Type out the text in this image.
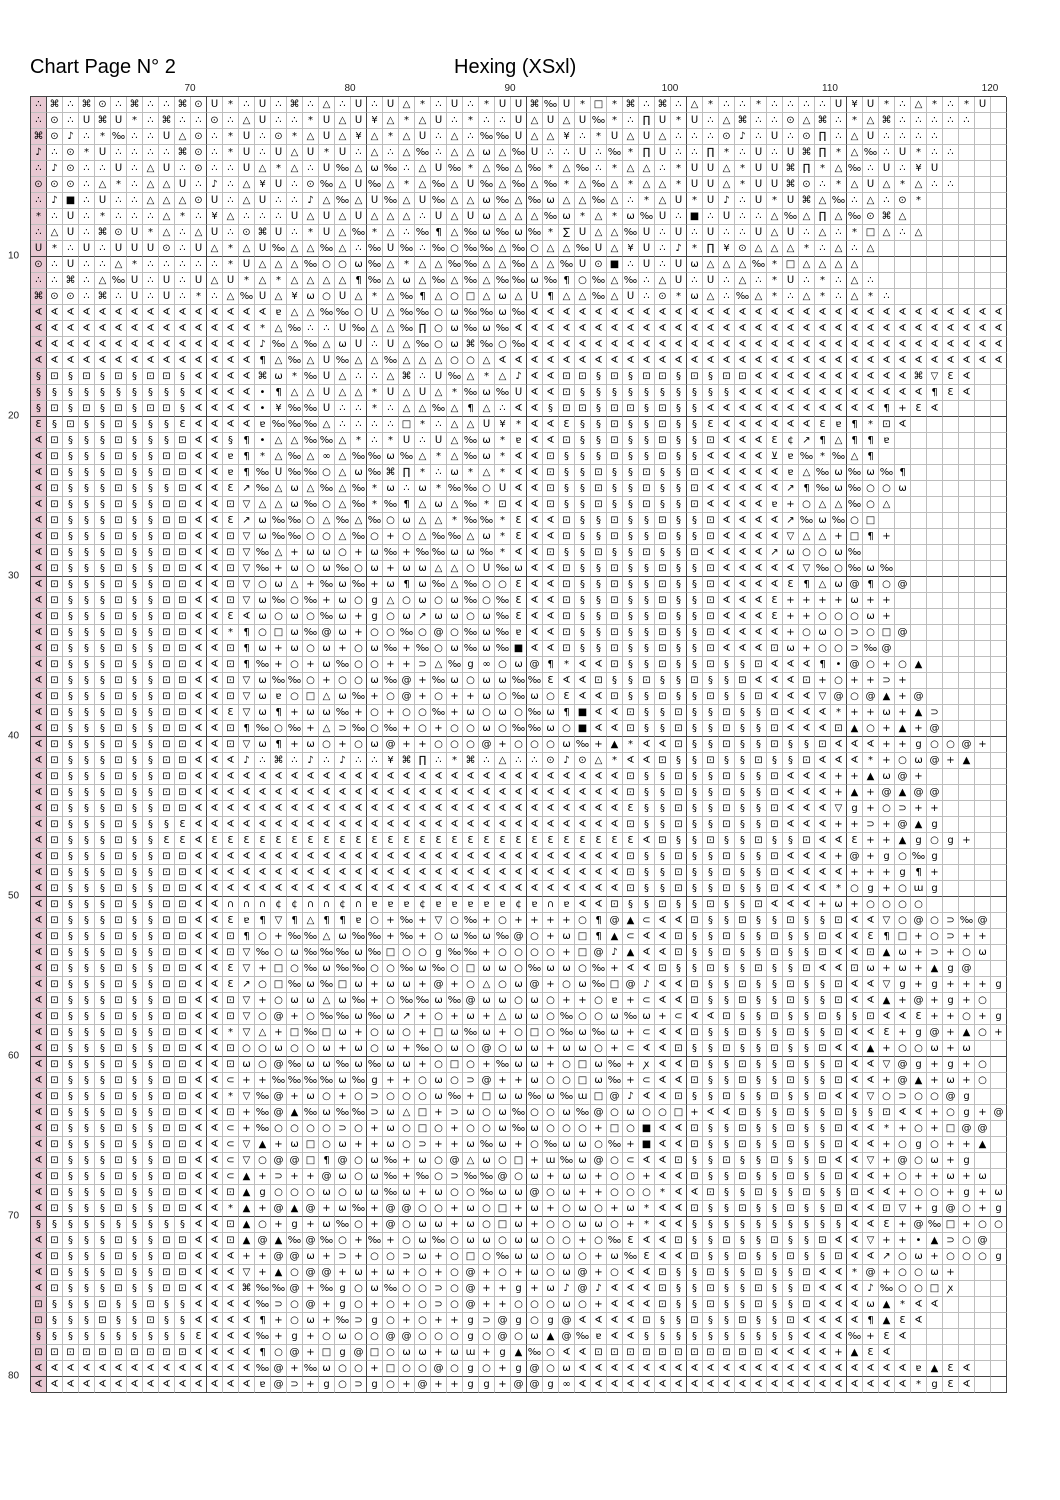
Chart Page N° 2	Hexing (XSxl)
70	80	90	100	110	120
10
20
30
40
50
60
70
80
∴ ⌘ ∴ ⌘ ⊙ ∴ ⌘ ∴ ∴ ⌘ ⊙ ᑌ *	∴ ᑌ ∴ ⌘ ∴ △ ∴ ᑌ ∴ ᑌ △ *	∴ ᑌ ∴	* ᑌ ᑌ ⌘ ‰ ᑌ * □ * ⌘ ∴ ⌘ ∴ △ *	∴ ∴	*	∴ ∴ ∴ ∴ ᑌ ¥ ᑌ *	∴ △ *	∴	* ᑌ
∴ ⊙ ∴ ᑌ ⌘ ᑌ *	∴ ⌘ ∴ ∴ ⊙ ∴ △ ᑌ ∴ ∴	* ᑌ △ ᑌ ¥ △ * △ ᑌ ∴	*	∴ ∴ ᑌ △ ᑌ △ ᑌ ‰ *	∴ ∏ ᑌ * ᑌ ∴ △ ⌘ ∴ ∴ ⊙ △ ⌘ ∴	* △ ⌘ ∴ ∴ ∴ ∴ ∴
⌘ ⊙ ♪ ∴	* ‰ ∴ ∴ ᑌ △ ⊙ ∴	* ᑌ ∴ ⊙ * △ ᑌ △ ¥ △ * △ ᑌ ∴ △ ∴ ‰ ‰ ᑌ △ △ ¥ ∴	* ᑌ △ ᑌ △ ∴ ∴ ∴ ⊙ ♪ ∴ ᑌ ∴ ⊙ ∏ ∴ △ ᑌ ∴ ∴ ∴ ∴
♪ ∴ ⊙ * ᑌ ∴ ∴ ∴ ∴ ⌘ ⊙ ∴	* ᑌ ∴ ᑌ △ ᑌ * ᑌ ∴ △ ∴ △ ‰ ∴ △ △ ω △ ‰ ᑌ ∴ ∴ ᑌ ∴ ‰ * ∏ ᑌ ∴ ∴ ∏ *	∴ ᑌ ∴ ᑌ ⌘ ∏ * △ ‰ ∴ ᑌ *	∴ ∴
∴ ♪ ⊙ ∴ ∴ ᑌ ∴ △ ᑌ ∴ ⊙ ∴ ∴ ᑌ △ * △ ∴ ᑌ ‰ △ ω ‰ ∴ △ ᑌ ‰ * △ ‰ △ ‰ * △ ‰ ∴	* △ △ ∴	* ᑌ ᑌ △ * ᑌ ᑌ ⌘ ∏ * △ ‰ ∴ ᑌ ∴ ¥ ᑌ
⊙ ⊙ ⊙ ∴ △ *	∴ △ △ ᑌ ∴ ♪ ∴ △ ¥ ᑌ ∴ ⊙ ‰ △ ᑌ ‰ △ * △ ‰ △ ᑌ ‰ △ ‰ △ ‰ * △ ‰ △ * △ △ * ᑌ ᑌ △ * ᑌ ᑌ ⌘ ⊙ ∴	* △ ᑌ △ * △ ∴ ∴
∴ ♪ ■ ∴ ᑌ ∴ ∴ △ △ △ ⊙ ᑌ ∴ △ ᑌ ∴ ∴ ♪ △ ‰ △ ᑌ ‰ △ ᑌ ‰ △ △ ω ‰ △ ‰ ω △ △ ‰ △ ∴	* △ ᑌ * ᑌ ♪ ∴ ᑌ * ᑌ ⌘ △ ‰ ∴ △ ∴ ⊙ *
*	∴ ᑌ ∴	*	∴ ∴ ∴ △ *	∴ ¥ △ ∴ ∴ ∴ ᑌ △ ᑌ △ ᑌ △ △ △ ∴ ᑌ △ ᑌ ω △ △ △ ‰ ω * △ * ω ‰ ᑌ ∴ ■ ∴ ᑌ ∴ ∴ △ ‰ △ ∏ △ ‰ ⊙ ⌘ △
∴ △ ᑌ ∴ ⌘ ⊙ ᑌ * △ ∴ △ ᑌ ∴ ⊙ ⌘ ᑌ ∴	* ᑌ △ ‰ * △ ∴ ‰ ¶ △ ‰ ω ‰ ω ‰ *	∑ ᑌ △ △ ‰ ᑌ ∴ ᑌ ∴ ᑌ ∴ ∴ ᑌ △ ᑌ ∴ △ ∴	* □ △ ∴ △
ᑌ *	∴ ᑌ ∴ ᑌ ᑌ ᑌ ⊙ ∴ ᑌ △ * △ ᑌ ‰ △ △ ‰ △ ∴ ‰ ᑌ ‰ ∴ ‰ ○ ‰ ‰ △ ‰ ○ △ △ ‰ ᑌ △ ¥ ᑌ ∴ ♪	* ∏ ¥ ⊙ △ △ △ *	∴ △ ∴ △
⊙ ∴ ᑌ ∴ ∴ △ *	∴ ∴ ∴ ∴ ∴	* ᑌ △ △ △ ‰ ○ ○ ω ‰ △ * △ △ ‰ ‰ △ △ ‰ △ △ ‰ ᑌ ⊙ ■ ∴ ᑌ ∴ ᑌ ω △ △ △ ‰ * □ △ △ △ △
∴ ∴ ⌘ ∴ △ ‰ ᑌ ∴ ᑌ ∴ ᑌ △ ᑌ * △ * △ △ △ △ ¶ ‰ △ ω △ ‰ △ ‰ △ ‰ ‰ ω ‰ ¶ ○ ‰ △ ‰ ∴ △ ᑌ ∴ ᑌ ∴ △ ∴	* ᑌ ∴	*	∴ △ ∴
⌘ ⊙ ⊙ ∴ ⌘ ∴ ᑌ ∴ ᑌ ∴	*	∴ △ ‰ ᑌ △ ¥ ω ○ ᑌ △ * △ ‰ ¶ △ ○ □ △ ω △ ᑌ ¶ △ △ ‰ △ ᑌ ∴ ⊙ * ω △ ∴ ‰ △ *	∴ △ *	∴ △ *	∴
∢ ∢ ∢ ∢ ∢ ∢ ∢ ∢ ∢ ∢ ∢ ∢ ∢ ∢ ∢ ɐ △ △ ‰ ‰ ○ ᑌ △ ‰ ‰ ○ ω ‰ ‰ ω ‰ ∢ ∢ ∢ ∢ ∢ ∢ ∢ ∢ ∢ ∢ ∢ ∢ ∢ ∢ ∢ ∢ ∢ ∢ ∢ ∢ ∢ ∢ ∢ ∢ ∢ ∢ ∢ ∢ ∢ ∢
∢ ∢ ∢ ∢ ∢ ∢ ∢ ∢ ∢ ∢ ∢ ∢ ∢ ∢ * △ ‰ ∴ ∴ ᑌ ‰ △ △ ‰ ∏ ○ ω ‰ ω ‰ ∢ ∢ ∢ ∢ ∢ ∢ ∢ ∢ ∢ ∢ ∢ ∢ ∢ ∢ ∢ ∢ ∢ ∢ ∢ ∢ ∢ ∢ ∢ ∢ ∢ ∢ ∢ ∢ ∢ ∢ ∢
∢ ∢ ∢ ∢ ∢ ∢ ∢ ∢ ∢ ∢ ∢ ∢ ∢ ∢ ♪ ‰ △ ‰ △ ω ᑌ ∴ ᑌ △ ‰ ○ ω ⌘ ‰ ○ ‰ ∢ ∢ ∢ ∢ ∢ ∢ ∢ ∢ ∢ ∢ ∢ ∢ ∢ ∢ ∢ ∢ ∢ ∢ ∢ ∢ ∢ ∢ ∢ ∢ ∢ ∢ ∢ ∢ ∢ ∢
∢ ∢ ∢ ∢ ∢ ∢ ∢ ∢ ∢ ∢ ∢ ∢ ∢ ∢ ¶ △ ‰ △ ᑌ ‰ △ △ ‰ △ △ △ ○ ○ △ ∢ ∢ ∢ ∢ ∢ ∢ ∢ ∢ ∢ ∢ ∢ ∢ ∢ ∢ ∢ ∢ ∢ ∢ ∢ ∢ ∢ ∢ ∢ ∢ ∢ ∢ ∢ ∢ ∢ ∢ ∢ ∢
§ ⊡ § ⊡ § ⊡ § ⊡ ⊡ § ∢ ∢ ∢ ∢ ⌘ ω * ‰ ᑌ △ ∴ ∴ △ ⌘ ∴ ᑌ ‰ △ * △ ♪ ∢ ∢ ⊡ ⊡ § ⊡ § ⊡ ⊡ § ⊡ § ⊡ ⊡ ∢ ∢ ∢ ∢ ∢ ∢ ∢ ∢ ∢ ∢ ⌘ ▽ Ɛ ∢
§	§	§	§	§	§	§	§	§	§ ∢ ∢ ∢ ∢ • ¶ △ △ ᑌ △ △ * ᑌ △ ᑌ △ * ‰ ω ‰ ᑌ ∢ ∢ ⊡ §	§	§	§	§	§	§	§	§	§ ∢ ∢ ∢ ∢ ∢ ∢ ∢ ∢ ∢ ∢ ∢ ∢ ¶ Ɛ ∢
§ ⊡ § ⊡ § ⊡ § ⊡ ⊡ § ∢ ∢ ∢ ∢ • ¥ ‰ ‰ ᑌ ∴ ∴	*	∴ △ △ ‰ △ ¶ △ ∴ ∢ ∢ § ⊡ ⊡ § ⊡ ⊡ § ⊡ §	§ ∢ ∢ ∢ ∢ ∢ ∢ ∢ ∢ ∢ ∢ ∢ ¶ + Ɛ ∢
Ɛ	§ ⊡ §	§ ⊡ §	§	§	Ɛ ∢ ∢ ∢ ∢ ɐ ‰ ‰ ‰ △ ∴ ∴ ∴ ∴ □ *	∴ △ △ ᑌ ¥	* ∢ ∢ Ɛ	§	§ ⊡ §	§ ⊡ §	§	Ɛ ∢ ∢ ∢ ∢ ∢ ∢ Ɛ ɐ ¶	* ⊡ ∢
∢ ⊡ §	§	§ ⊡ §	§	§ ⊡ ∢ ∢ §	¶ • △ △ ‰ ‰ △ *	∴	* ᑌ ∴ ᑌ △ ‰ ω *	ɐ ∢ ∢ ⊡ §	§ ⊡ §	§ ⊡ §	§ ⊡ ∢ ∢ ∢ Ɛ ¢ ↗ ¶ △ ¶ ¶ ɐ
∢ ⊡ §	§	§ ⊡ §	§ ⊡ ⊡ ∢ ∢ ɐ ¶	* △ ‰ △ ∞ △ ‰ ‰ ω ‰ △ * △ ‰ ω * ∢ ∢ ⊡ §	§	§ ⊡ §	§ ⊡ §	§ ∢ ∢ ∢ ∢ ⊻ ɐ ‰ * ‰ △ ¶
∢ ⊡ §	§	§ ⊡ §	§ ⊡ ⊡ ∢ ∢ ɐ ¶ ‰ ᑌ ‰ ‰ ○ △ ω ‰ ⌘ ∏ *	∴ ω * △ * ∢ ∢ ⊡ §	§ ⊡ §	§ ⊡ §	§ ⊡ ∢ ∢ ∢ ∢ ∢ ɐ △ ‰ ω ‰ ω ‰ ¶
∢ ⊡ §	§	§ ⊡ §	§	§ ⊡ ∢ ∢ Ɛ ↗ ‰ △ ω △ ‰ △ ‰ * ω ∴ ω * ‰ ‰ ○ ᑌ ∢ ∢ ⊡ §	§ ⊡ §	§ ⊡ §	§ ⊡ ∢ ∢ ∢ ∢ ∢ ↗ ¶ ‰ ω ‰ ○ ○ ω
∢ ⊡ §	§	§ ⊡ §	§ ⊡ ⊡ ∢ ∢ ⊡ ▽ △ △ ω ‰ ○ △ ‰ * ‰ ¶ △ ω △ ‰ * ⊡ ∢ ∢ ⊡ §	§ ⊡ §	§ ⊡ §	§ ⊡ ∢ ∢ ∢ ∢ ɐ + ○ △ △ ‰ ○ △
∢ ⊡ §	§	§ ⊡ §	§ ⊡ ⊡ ∢ ∢ Ɛ ↗ ω ‰ ‰ ○ △ ‰ △ ‰ ○ ω △ △ * ‰ ‰ *	Ɛ ∢ ∢ ⊡ §	§ ⊡ §	§ ⊡ §	§ ⊡ ∢ ∢ ∢ ∢ ↗ ‰ ω ‰ ○ □
∢ ⊡ §	§	§ ⊡ §	§ ⊡ ⊡ ∢ ∢ ⊡ ▽ ω ‰ ‰ ○ ○ △ ‰ ○ + ○ △ ‰ ‰ △ ω *	Ɛ ∢ ∢ ⊡ §	§ ⊡ §	§ ⊡ §	§ ⊡ ∢ ∢ ∢ ∢ ▽ △ △ + □ ¶ +
∢ ⊡ §	§	§ ⊡ §	§ ⊡ ⊡ ∢ ∢ ⊡ ▽ ‰ △ + ω ω ○ + ω ‰ + ‰ ‰ ω ω ‰ * ∢ ∢ ⊡ §	§ ⊡ §	§ ⊡ §	§ ⊡ ∢ ∢ ∢ ∢ ↗ ω ○ ○ ω ‰
∢ ⊡ §	§	§ ⊡ §	§ ⊡ ⊡ ∢ ∢ ⊡ ▽ ‰ + ω ○ ω ‰ ○ ω + ω ω △ △ ○ ᑌ ‰ ω ∢ ∢ ⊡ §	§ ⊡ §	§ ⊡ §	§ ⊡ ∢ ∢ ∢ ∢ ∢ ▽ ‰ ○ ‰ ω ‰
∢ ⊡ §	§	§ ⊡ §	§ ⊡ ⊡ ∢ ∢ ⊡ ▽ ○ ω △ + ‰ ω ‰ + ω ¶ ω ‰ △ ‰ ○ ○ Ɛ ∢ ∢ ⊡ §	§ ⊡ §	§ ⊡ §	§ ⊡ ∢ ∢ ∢ ∢ Ɛ ¶ △ ω @ ¶ ○ @
∢ ⊡ §	§	§ ⊡ §	§ ⊡ ⊡ ∢ ∢ ⊡ ▽ ω ‰ ○ ‰ + ω ○ g △ ○ ω ○ ω ‰ ○ ‰ Ɛ ∢ ∢ ⊡ §	§ ⊡ §	§ ⊡ §	§ ⊡ ∢ ∢ ∢ Ɛ + + + + ω + +
∢ ⊡ §	§	§ ⊡ §	§ ⊡ ⊡ ∢ ∢ Ɛ ∢ ω ○ ω ○ ‰ ω + g ○ ω ↗ ω ω ○ ω ‰ Ɛ ∢ ∢ ⊡ §	§ ⊡ §	§ ⊡ §	§ ⊡ ∢ ∢ ∢ Ɛ + + ○ ○ ○ ω +
∢ ⊡ §	§	§ ⊡ §	§ ⊡ ⊡ ∢ ∢ *	¶ ○ □ ω ‰ @ ω + ○ ○ ‰ ○ @ ○ ‰ ω ‰ ɐ ∢ ∢ ⊡ §	§ ⊡ §	§ ⊡ §	§ ⊡ ∢ ∢ ∢ ∢ + ○ ω ○ ⊃ ○ □ @
∢ ⊡ §	§	§ ⊡ §	§ ⊡ ⊡ ∢ ∢ ⊡ ¶ ω + ω ○ ω + ○ ω ‰ + ‰ ○ ω ‰ ω ‰ ■ ∢ ∢ ⊡ §	§ ⊡ §	§ ⊡ §	§ ⊡ ∢ ∢ ∢ ⊡ ω + ○ ○ ⊃ ‰ @
∢ ⊡ §	§	§ ⊡ §	§ ⊡ ⊡ ∢ ∢ ⊡ ¶ ‰ + ○ + ω ‰ ○ ○ + + ⊃ △ ‰ g ∞ ○ ω @ ¶	* ∢ ∢ ⊡ §	§ ⊡ §	§ ⊡ §	§ ⊡ ∢ ∢ ∢ ¶ • @ ○ + ○ ▲
∢ ⊡ §	§	§ ⊡ §	§ ⊡ ⊡ ∢ ∢ ⊡ ▽ ω ‰ ‰ ○ + ○ ○ ω ‰ @ + ‰ ω ○ ω ω ‰ ‰ Ɛ ∢ ∢ ⊡ §	§ ⊡ §	§ ⊡ §	§ ⊡ ∢ ∢ ∢ ⊡ + ○ + + ⊃ +
∢ ⊡ §	§	§ ⊡ §	§ ⊡ ⊡ ∢ ∢ ⊡ ▽ ω ɐ ○ □ △ ω ‰ + ○ @ + ○ + + ω ○ ‰ ω ○ Ɛ ∢ ∢ ⊡ §	§ ⊡ §	§ ⊡ §	§ ⊡ ∢ ∢ ∢ ▽ @ ○ @ ▲ + @
∢ ⊡ §	§	§ ⊡ §	§ ⊡ ⊡ ∢ ∢ Ɛ ▽ ω ¶ + ω ω ‰ + ○ + ○ ○ ‰ + ω ○ ω ○ ‰ ω ¶ ■ ∢ ∢ ⊡ §	§ ⊡ §	§ ⊡ §	§ ⊡ ∢ ∢ ∢ * + + ω + ▲ ⊃
∢ ⊡ §	§	§ ⊡ §	§ ⊡ ⊡ ∢ ∢ ⊡ ¶ ‰ ○ ‰ + △ ⊃ ‰ ○ ‰ + ○ + ○ ○ ω ○ ‰ ‰ ω ○ ■ ∢ ∢ ⊡ §	§ ⊡ §	§ ⊡ §	§ ⊡ ∢ ∢ ∢ ⊡ ▲ ○ + ▲ + @
∢ ⊡ §	§	§ ⊡ §	§ ⊡ ⊡ ∢ ∢ ⊡ ▽ ω ¶ + ω ○ + ○ ω @ + + ○ ○ ○ @ + ○ ○ ○ ω ‰ + ▲ * ∢ ∢ ⊡ §	§ ⊡ §	§ ⊡ §	§ ⊡ ∢ ∢ ∢ + + g ○ ○ @ +
∢ ⊡ §	§	§ ⊡ §	§ ⊡ ⊡ ∢ ∢ ∢ ♪ ∴ ⌘ ∴ ♪ ∴ ♪ ∴ ∴ ¥ ⌘ ∏ ∴	* ⌘ ∴ △ ∴ ∴ ⊙ ♪ ⊙ △ * ∢ ∢ ⊡ §	§ ⊡ §	§ ⊡ §	§ ⊡ ∢ ∢ ∢ * + ○ ω @ + ▲
∢ ⊡ §	§	§ ⊡ §	§ ⊡ ⊡ ∢ ∢ ∢ ∢ ∢ ∢ ∢ ∢ ∢ ∢ ∢ ∢ ∢ ∢ ∢ ∢ ∢ ∢ ∢ ∢ ∢ ∢ ∢ ∢ ∢ ∢ ∢ ⊡ §	§ ⊡ §	§ ⊡ §	§ ⊡ ∢ ∢ ∢ + + ▲ ω @ +
∢ ⊡ §	§	§ ⊡ §	§ ⊡ ⊡ ∢ ∢ ∢ ∢ ∢ ∢ ∢ ∢ ∢ ∢ ∢ ∢ ∢ ∢ ∢ ∢ ∢ ∢ ∢ ∢ ∢ ∢ ∢ ∢ ∢ ∢ ∢ ⊡ §	§ ⊡ §	§ ⊡ §	§ ⊡ ∢ ∢ ∢ + ▲ + @ ▲ @ @
∢ ⊡ §	§	§ ⊡ §	§ ⊡ ⊡ ∢ ∢ ∢ ∢ ∢ ∢ ∢ ∢ ∢ ∢ ∢ ∢ ∢ ∢ ∢ ∢ ∢ ∢ ∢ ∢ ∢ ∢ ∢ ∢ ∢ ∢ ∢ Ɛ	§	§ ⊡ §	§ ⊡ §	§ ⊡ ∢ ∢ ∢ ▽ g + ○ ⊃ + +
∢ ⊡ §	§	§ ⊡ §	§	§	Ɛ ∢ ∢ ∢ ∢ ∢ ∢ ∢ ∢ ∢ ∢ ∢ ∢ ∢ ∢ ∢ ∢ ∢ ∢ ∢ ∢ ∢ ∢ ∢ ∢ ∢ ∢ ∢ ⊡ §	§ ⊡ §	§ ⊡ §	§ ⊡ ∢ ∢ ∢ + + ⊃ + @ ▲ g
∢ ⊡ §	§	§ ⊡ §	§	Ɛ Ɛ ∢ Ɛ Ɛ Ɛ Ɛ Ɛ Ɛ Ɛ Ɛ Ɛ Ɛ Ɛ Ɛ Ɛ Ɛ Ɛ Ɛ Ɛ Ɛ Ɛ Ɛ Ɛ Ɛ Ɛ Ɛ Ɛ Ɛ Ɛ ∢ ⊡ §	§ ⊡ §	§ ⊡ §	§ ⊡ ∢ ∢ Ɛ + + ▲ g ○ g +
∢ ⊡ §	§	§ ⊡ §	§ ⊡ ⊡ ∢ ∢ ∢ ∢ ∢ ∢ ∢ ∢ ∢ ∢ ∢ ∢ ∢ ∢ ∢ ∢ ∢ ∢ ∢ ∢ ∢ ∢ ∢ ∢ ∢ ∢ ∢ ⊡ §	§ ⊡ §	§ ⊡ §	§ ⊡ ∢ ∢ ∢ + @ + g ○ ‰ g
∢ ⊡ §	§	§ ⊡ §	§ ⊡ ⊡ ∢ ∢ ∢ ∢ ∢ ∢ ∢ ∢ ∢ ∢ ∢ ∢ ∢ ∢ ∢ ∢ ∢ ∢ ∢ ∢ ∢ ∢ ∢ ∢ ∢ ∢ ∢ ⊡ §	§ ⊡ §	§ ⊡ §	§ ⊡ ∢ ∢ ∢ ∢ + + + g ¶ +
∢ ⊡ §	§	§ ⊡ §	§ ⊡ ⊡ ∢ ∢ ∢ ∢ ∢ ∢ ∢ ∢ ∢ ∢ ∢ ∢ ∢ ∢ ∢ ∢ ∢ ∢ ∢ ∢ ∢ ∢ ∢ ∢ ∢ ∢ ∢ ⊡ §	§ ⊡ §	§ ⊡ §	§ ⊡ ∢ ∢ ∢ * ○ g + ○ ɯ g
∢ ⊡ §	§	§ ⊡ §	§ ⊡ ⊡ ∢ ∢ ∩ ∩ ∩ ¢ ¢ ∩ ∩ ¢ ∩ ɐ ɐ ɐ ¢ ɐ ɐ ɐ ɐ ɐ ¢ ɐ ∩ ɐ ∢ ∢ ⊡ §	§ ⊡ §	§ ⊡ §	§ ⊡ ∢ ∢ ∢ + ω + ○ ○ ○ ○
∢ ⊡ §	§	§ ⊡ §	§ ⊡ ⊡ ∢ ∢ Ɛ ɐ ¶ ▽ ¶ △ ¶ ¶ ɐ ○ + ‰ + ▽ ○ ‰ + ○ + + + + ○ ¶ @ ▲ ⊂ ∢ ∢ ⊡ §	§ ⊡ §	§ ⊡ §	§ ⊡ ∢ ∢ ▽ ○ @ ○ ⊃ ‰ @
∢ ⊡ §	§	§ ⊡ §	§ ⊡ ⊡ ∢ ∢ ⊡ ¶ ○ + ‰ ‰ △ ω ‰ ‰ + ‰ + ○ ω ‰ ω ‰ @ ○ + ω □ ¶ ▲ ⊂ ∢ ∢ ⊡ §	§ ⊡ §	§ ⊡ §	§ ⊡ ∢ ∢ Ɛ ¶ □ + ○ ⊃ + +
∢ ⊡ §	§	§ ⊡ §	§ ⊡ ⊡ ∢ ∢ ⊡ ▽ ‰ ○ ω ‰ ‰ ‰ ω ‰ □ ○ ○ g ‰ ‰ + ○ ○ ○ ○ + □ @ ♪ ▲ ∢ ∢ ⊡ §	§ ⊡ §	§ ⊡ §	§ ⊡ ∢ ∢ ⊡ ▲ ω + ⊃ + ○ ω
∢ ⊡ §	§	§ ⊡ §	§ ⊡ ⊡ ∢ ∢ Ɛ ▽ + □ ○ ‰ ω ‰ ‰ ○ ○ ‰ ω ‰ ○ □ ω ω ○ ‰ ω ω ○ ‰ + ∢ ∢ ⊡ §	§ ⊡ §	§ ⊡ §	§ ⊡ ∢ ∢ ⊡ ω + ω + ▲ g @
∢ ⊡ §	§	§ ⊡ §	§ ⊡ ⊡ ∢ ∢ Ɛ ↗ ○ □ ‰ ω ‰ □ ω + ω ω + @ + ○ △ ○ ω @ + ○ ω ‰ □ @ ♪ ∢ ∢ ⊡ §	§ ⊡ §	§ ⊡ §	§ ⊡ ∢ ∢ ▽ g + g + + + g
∢ ⊡ §	§	§ ⊡ §	§ ⊡ ⊡ ∢ ∢ ⊡ ▽ + ○ ω ω △ ω ‰ + ○ ‰ ‰ ω ‰ @ ω ω ○ ω ○ + + ○ ɐ + ⊂ ∢ ∢ ⊡ §	§ ⊡ §	§ ⊡ §	§ ⊡ ∢ ∢ ▲ + @ + g + ○
∢ ⊡ §	§	§ ⊡ §	§ ⊡ ⊡ ∢ ∢ ⊡ ▽ ○ @ + ○ ‰ ‰ ω ‰ ω ↗ + ○ + ω + △ ω ω ○ ‰ ○ ○ ω ‰ ω + ⊂ ∢ ∢ ⊡ §	§ ⊡ §	§ ⊡ §	§ ⊡ ∢ ∢ Ɛ + + ○ + g
∢ ⊡ §	§	§ ⊡ §	§ ⊡ ⊡ ∢ ∢ * ▽ △ + □ ‰ □ ω + ○ ω ○ + □ ω ‰ ω + ○ □ ○ ‰ ω ‰ ω + ⊂ ∢ ∢ ⊡ §	§ ⊡ §	§ ⊡ §	§ ⊡ ∢ ∢ Ɛ + g @ + ▲ ○ +
∢ ⊡ §	§	§ ⊡ §	§ ⊡ ⊡ ∢ ∢ ⊡ ○ ○ ω ○ ○ ω + ω ○ ω + ‰ ○ ω ○ @ ○ ω ω + ω ω ○ + ⊂ ∢ ∢ ⊡ §	§ ⊡ §	§ ⊡ §	§ ⊡ ∢ ∢ ▲ + ○ ○ ω + ω
∢ ⊡ §	§	§ ⊡ §	§ ⊡ ⊡ ∢ ∢ ⊡ ω ○ @ ‰ ω ω ‰ ω ‰ ω ω + ○ □ ○ + ‰ ω ω + ○ □ ω ‰ + ꭗ ∢ ∢ ⊡ §	§ ⊡ §	§ ⊡ §	§ ⊡ ∢ ∢ ▽ @ g + g + ○
∢ ⊡ §	§	§ ⊡ §	§ ⊡ ⊡ ∢ ∢ ⊂ + + ‰ ‰ ‰ ‰ ω ‰ g + + ○ ω ○ ⊃ @ + + ω ○ ○ □ ω ‰ + ⊂ ∢ ∢ ⊡ §	§ ⊡ §	§ ⊡ §	§ ⊡ ∢ ∢ + @ ▲ + ω + ○
∢ ⊡ §	§	§ ⊡ §	§ ⊡ ⊡ ∢ ∢ * ▽ ‰ @ + ω ○ + ○ ⊃ ○ ○ ○ ω ‰ + □ ω ω ‰ ω ‰ ɯ □ @ ♪ ∢ ∢ ⊡ §	§ ⊡ §	§ ⊡ §	§ ⊡ ∢ ∢ ▽ ○ ⊃ ○ ○ @ g
∢ ⊡ §	§	§ ⊡ §	§ ⊡ ⊡ ∢ ∢ ⊡ + ‰ @ ▲ ‰ ω ‰ ‰ ⊃ ω △ □ + ⊃ ω ○ ω ‰ ○ ○ ω ‰ @ ○ ω ○ ○ □ + ∢ ∢ ⊡ §	§ ⊡ §	§ ⊡ §	§ ⊡ ∢ ∢ + ○ g + @
∢ ⊡ §	§	§ ⊡ §	§ ⊡ ⊡ ∢ ∢ ⊂ + ‰ ○ ○ ○ ○ ⊃ ○ + ω ○ □ ○ + ○ ○ ω ‰ ω ○ ○ ○ + □ ○ ■ ∢ ∢ ⊡ §	§ ⊡ §	§ ⊡ §	§ ⊡ ∢ ∢ * + ○ + □ @ @
∢ ⊡ §	§	§ ⊡ §	§ ⊡ ⊡ ∢ ∢ ⊂ ▽ ▲ + ω □ ○ ω + + ω ○ ⊃ + + ω ‰ ω + ○ ‰ ω ω ○ ‰ + ■ ∢ ∢ ⊡ §	§ ⊡ §	§ ⊡ §	§ ⊡ ∢ ∢ + ○ g ○ + + ▲
∢ ⊡ §	§	§ ⊡ §	§ ⊡ ⊡ ∢ ∢ ⊂ ▽ ○ @ @ □ ¶ @ ○ ω ‰ + ω ○ @ △ ω ○ □ + ɯ ‰ ω @ ○ ⊂ ∢ ∢ ⊡ §	§ ⊡ §	§ ⊡ §	§ ⊡ ∢ ∢ ▽ + @ ○ ω + g
∢ ⊡ §	§	§ ⊡ §	§ ⊡ ⊡ ∢ ∢ ⊂ ▲ + ⊃ + + @ ω ○ ω ‰ + ‰ ○ ⊃ ‰ ‰ @ ○ ω + ω ω + ○ ○ + ∢ ∢ ⊡ §	§ ⊡ §	§ ⊡ §	§ ⊡ ∢ ∢ + ○ + + ω + ω
∢ ⊡ §	§	§ ⊡ §	§ ⊡ ⊡ ∢ ∢ ⊡ ▲ g ○ ○ ○ ω ○ ω ω ‰ ω + ω ○ ○ ‰ ω ω @ ○ ω + + ○ ○ ○ * ∢ ∢ ⊡ §	§ ⊡ §	§ ⊡ §	§ ⊡ ∢ ∢ + ○ ○ + g + ω
∢ ⊡ §	§	§ ⊡ §	§ ⊡ ⊡ ∢ ∢ * ▲ + @ ▲ @ + ω ‰ + @ @ ○ ○ + ω ○ □ + ω + ○ ω ○ + ω * ∢ ∢ ⊡ §	§ ⊡ §	§ ⊡ §	§ ⊡ ∢ ∢ ⊡ ▽ + g @ ○ + g
§	§	§	§	§	§	§	§	§	§ ∢ ∢ ⊡ ▲ ○ + g + ω ‰ ○ + @ ○ ω ω + ω ○ □ ω + ○ ○ ω ω ○ + * ∢ ∢ §	§	§	§	§	§	§	§	§	§ ∢ ∢ Ɛ + @ ‰ □ + ○ ○
∢ ⊡ §	§	§ ⊡ §	§ ⊡ ⊡ ∢ ∢ ⊡ ▲ @ ▲ ‰ @ ‰ ○ + ‰ + ○ ω ‰ ○ ω ω ○ ω ω ○ ○ + ○ ‰ Ɛ ∢ ∢ ⊡ §	§ ⊡ §	§ ⊡ §	§ ⊡ ∢ ∢ ▽ + + • ▲ ⊃ ○ @
∢ ⊡ §	§	§ ⊡ §	§ ⊡ ⊡ ∢ ∢ ∢ + + @ @ ω + ⊃ + ○ ○ ⊃ ω + ○ □ ○ ‰ ω ω ○ ω ○ + ω ‰ Ɛ ∢ ∢ ⊡ §	§ ⊡ §	§ ⊡ §	§ ⊡ ∢ ∢ ↗ ○ ω + ○ ○ ○ g
∢ ⊡ §	§	§ ⊡ §	§ ⊡ ⊡ ∢ ∢ ∢ ▽ + ▲ ○ @ @ + ω + ω + ○ + ○ @ + ○ + ω ○ ω @ + ○ ∢ ∢ ⊡ §	§ ⊡ §	§ ⊡ §	§ ⊡ ∢ ∢ * @ + ○ ○ ω +
∢ ⊡ §	§	§ ⊡ §	§ ⊡ ⊡ ∢ ∢ ∢ ⌘ ‰ ‰ @ + ‰ g ○ ω ‰ ○ ○ ⊃ ○ @ + + g + ω ♪ @ ♪ ∢ ∢ ∢ ⊡ §	§ ⊡ §	§ ⊡ §	§ ⊡ ∢ ∢ ∢ ♪ ‰ ○ ○ □ ꭗ
⊡ §	§	§ ⊡ §	§ ⊡ §	§ ∢ ∢ ∢ ∢ ‰ ⊃ ○ @ + g ○ + ○ + ○ ⊃ ○ @ + + ○ ○ ○ ω ○ + ∢ ∢ ∢ ⊡ §	§ ⊡ §	§ ⊡ §	§ ⊡ ∢ ∢ ∢ ω ▲ * ∢ ∢
⊡ §	§	§ ⊡ §	§ ⊡ §	§ ∢ ∢ ∢ ∢ ¶ + ○ ω + ‰ ⊃ g ○ + ○ + + g ⊃ @ g ○ g @ ∢ ∢ ∢ ∢ ⊡ §	§ ⊡ §	§ ⊡ §	§ ⊡ ∢ ∢ ∢ ∢ ¶ ▲ Ɛ ∢
§	§	§	§	§	§	§	§	§	§	Ɛ ∢ ∢ ∢ ‰ + g + ○ ω ○ ○ @ @ ○ ○ ○ g ○ @ ○ ω ▲ @ ‰ ɐ ∢ ∢ §	§	§	§	§	§	§	§	§	§ ∢ ∢ ∢ ‰ + Ɛ ∢
⊡ ⊡ ⊡ ⊡ ⊡ ⊡ ⊡ ⊡ ⊡ ⊡ ∢ ∢ ∢ ∢ ¶ ○ @ + □ g @ □ ○ ω ω + ω ɯ + g ▲ ‰ ○ ∢ ∢ ⊡ ⊡ ⊡ ⊡ ⊡ ⊡ ⊡ ⊡ ⊡ ⊡ ⊡ ∢ ∢ ∢ ∢ + ▲ Ɛ ∢
∢ ∢ ∢ ∢ ∢ ∢ ∢ ∢ ∢ ∢ ∢ ∢ ∢ ∢ ‰ @ + ‰ ω ○ ○ + □ ○ ○ @ ○ g ○ + g @ ○ ω ∢ ∢ ∢ ∢ ∢ ∢ ∢ ∢ ∢ ∢ ∢ ∢ ∢ ∢ ∢ ∢ ∢ ∢ ∢ ∢ ∢ ɐ ▲ Ɛ ∢
∢ ∢ ∢ ∢ ∢ ∢ ∢ ∢ ∢ ∢ ∢ ∢ ∢ ∢ ɐ @ ⊃ + g ○ ⊃ g ○ + @ + + g g + @ @ g ∞ ∢ ∢ ∢ ∢ ∢ ∢ ∢ ∢ ∢ ∢ ∢ ∢ ∢ ∢ ∢ ∢ ∢ ∢ ∢ ∢ ∢ *	g Ɛ ∢
